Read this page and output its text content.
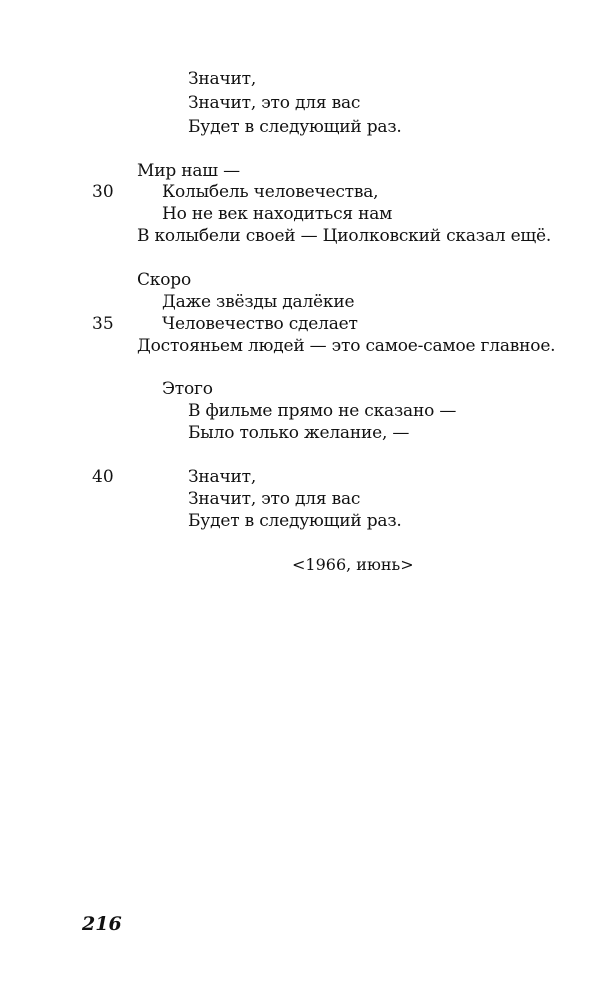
Значит,
Значит, это для вас
Будет в следующий раз.
Мир наш —
30	Колыбель человечества,
Но не век находиться нам
В колыбели своей — Циолковский сказал ещё.
Скоро
Даже звёзды далёкие
35	Человечество сделает
Достояньем людей — это самое-самое главное.
Этого
В фильме прямо не сказано —
Было только желание, —
40	Значит,
Значит, это для вас
Будет в следующий раз.
<1966, июнь>
216
